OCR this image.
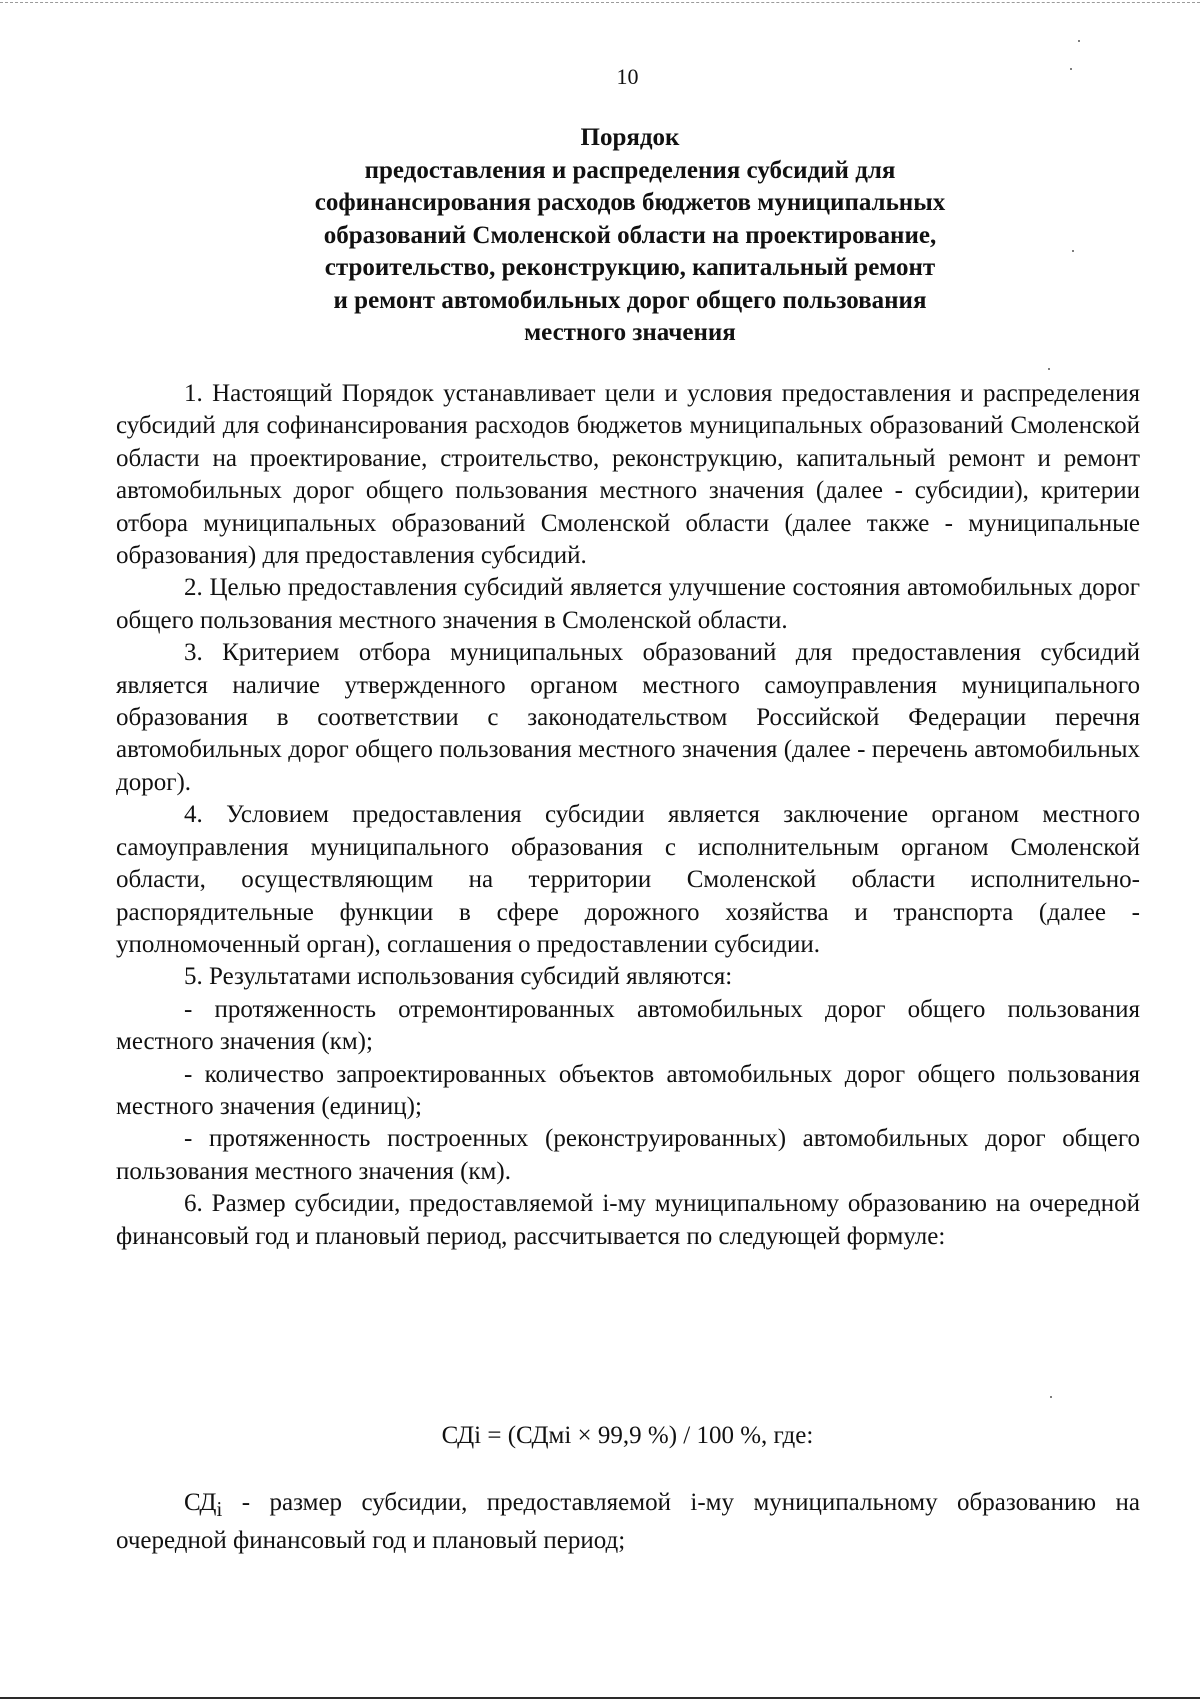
10
Порядок
предоставления и распределения субсидий для
софинансирования расходов бюджетов муниципальных
образований Смоленской области на проектирование,
строительство, реконструкцию, капитальный ремонт
и ремонт автомобильных дорог общего пользования
местного значения

1. Настоящий Порядок устанавливает цели и условия предоставления и распределения субсидий для софинансирования расходов бюджетов муниципальных образований Смоленской области на проектирование, строительство, реконструкцию, капитальный ремонт и ремонт автомобильных дорог общего пользования местного значения (далее - субсидии), критерии отбора муниципальных образований Смоленской области (далее также - муниципальные образования) для предоставления субсидий.

2. Целью предоставления субсидий является улучшение состояния автомобильных дорог общего пользования местного значения в Смоленской области.

3. Критерием отбора муниципальных образований для предоставления субсидий является наличие утвержденного органом местного самоуправления муниципального образования в соответствии с законодательством Российской Федерации перечня автомобильных дорог общего пользования местного значения (далее - перечень автомобильных дорог).

4. Условием предоставления субсидии является заключение органом местного самоуправления муниципального образования с исполнительным органом Смоленской области, осуществляющим на территории Смоленской области исполнительно-распорядительные функции в сфере дорожного хозяйства и транспорта (далее - уполномоченный орган), соглашения о предоставлении субсидии.

5. Результатами использования субсидий являются:

- протяженность отремонтированных автомобильных дорог общего пользования местного значения (км);

- количество запроектированных объектов автомобильных дорог общего пользования местного значения (единиц);

- протяженность построенных (реконструированных) автомобильных дорог общего пользования местного значения (км).

6. Размер субсидии, предоставляемой i-му муниципальному образованию на очередной финансовый год и плановый период, рассчитывается по следующей формуле:

СДi = (СДмi × 99,9 %) / 100 %, где:

$СД_i$ - размер субсидии, предоставляемой i-му муниципальному образованию на очередной финансовый год и плановый период;
